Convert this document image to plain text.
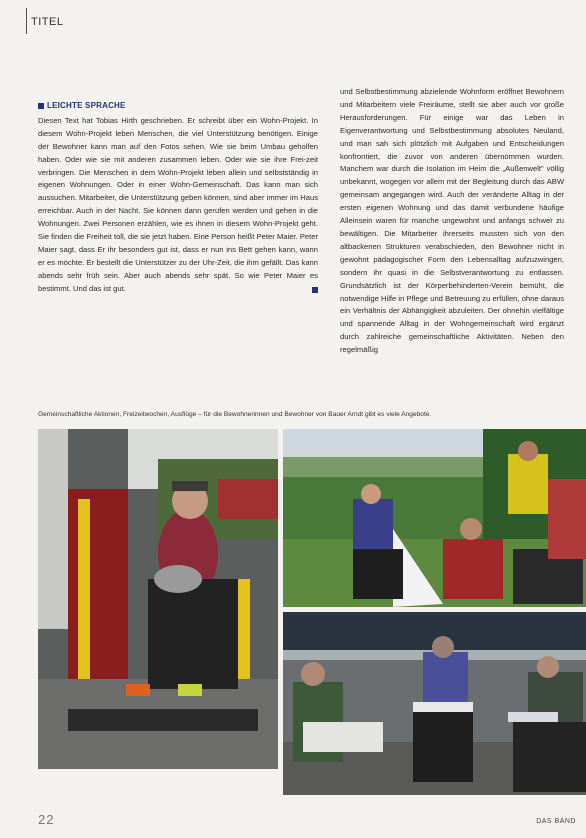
TITEL
LEICHTE SPRACHE

Diesen Text hat Tobias Hirth geschrieben. Er schreibt über ein Wohn-Projekt. In diesem Wohn-Projekt leben Menschen, die viel Unterstützung benötigen. Einige der Bewohner kann man auf den Fotos sehen. Wie sie beim Umbau geholfen haben. Oder wie sie mit anderen zusammen leben. Oder wie sie ihre Frei-zeit verbringen. Die Menschen in dem Wohn-Projekt leben allein und selbstständig in eigenen Wohnungen. Oder in einer Wohn-Gemeinschaft. Das kann man sich aussuchen. Mitarbeiter, die Unterstützung geben können, sind aber immer im Haus erreichbar. Auch in der Nacht. Sie können dann gerufen werden und gehen in die Wohnungen. Zwei Personen erzählen, wie es ihnen in diesem Wohn-Projekt geht. Sie finden die Freiheit toll, die sie jetzt haben. Eine Person heißt Peter Maier. Peter Maier sagt, dass Er ihr besonders gut ist, dass er nun ins Bett gehen kann, wann er es möchte. Er bestellt die Unterstützer zu der Uhr-Zeit, die ihm gefällt. Das kann abends sehr früh sein. Aber auch abends sehr spät. So wie Peter Maier es bestimmt. Und das ist gut.

und Selbstbestimmung abzielende Wohnform eröffnet Bewohnern und Mitarbeitern viele Freiräume, stellt sie aber auch vor große Herausforderungen. Für einige war das Leben in Eigenverantwortung und Selbstbestimmung absolutes Neuland, und man sah sich plötzlich mit Aufgaben und Entscheidungen konfrontiert, die zuvor von anderen übernommen wurden. Manchem war durch die Isolation im Heim die „Außenwelt" völlig unbekannt, wogegen vor allem mit der Begleitung durch das ABW gemeinsam angegangen wird. Auch der veränderte Alltag in der ersten eigenen Wohnung und das damit verbundene häufige Alleinsein waren für manche ungewohnt und anfangs schwer zu bewältigen. Die Mitarbeiter ihrerseits mussten sich von den altbackenen Strukturen verabschieden, den Bewohner nicht in gewohnt pädagogischer Form den Lebensalltag aufzuzwingen, sondern ihr quasi in die Selbstverantwortung zu entlassen. Grundsätzlich ist der Körperbehinderten-Verein bemüht, die notwendige Hilfe in Pflege und Betreuung zu erfüllen, ohne daraus ein Verhältnis der Abhängigkeit abzuleiten. Der ohnehin vielfältige und spannende Alltag in der Wohngemeinschaft wird ergänzt durch zahlreiche gemeinschaftliche Aktivitäten. Neben den regelmäßig
Gemeinschaftliche Aktionen, Freizeitwochen, Ausflüge – für die Bewohnerinnen und Bewohner von Bauer Arndt gibt es viele Angebote.
22	DAS BAND
